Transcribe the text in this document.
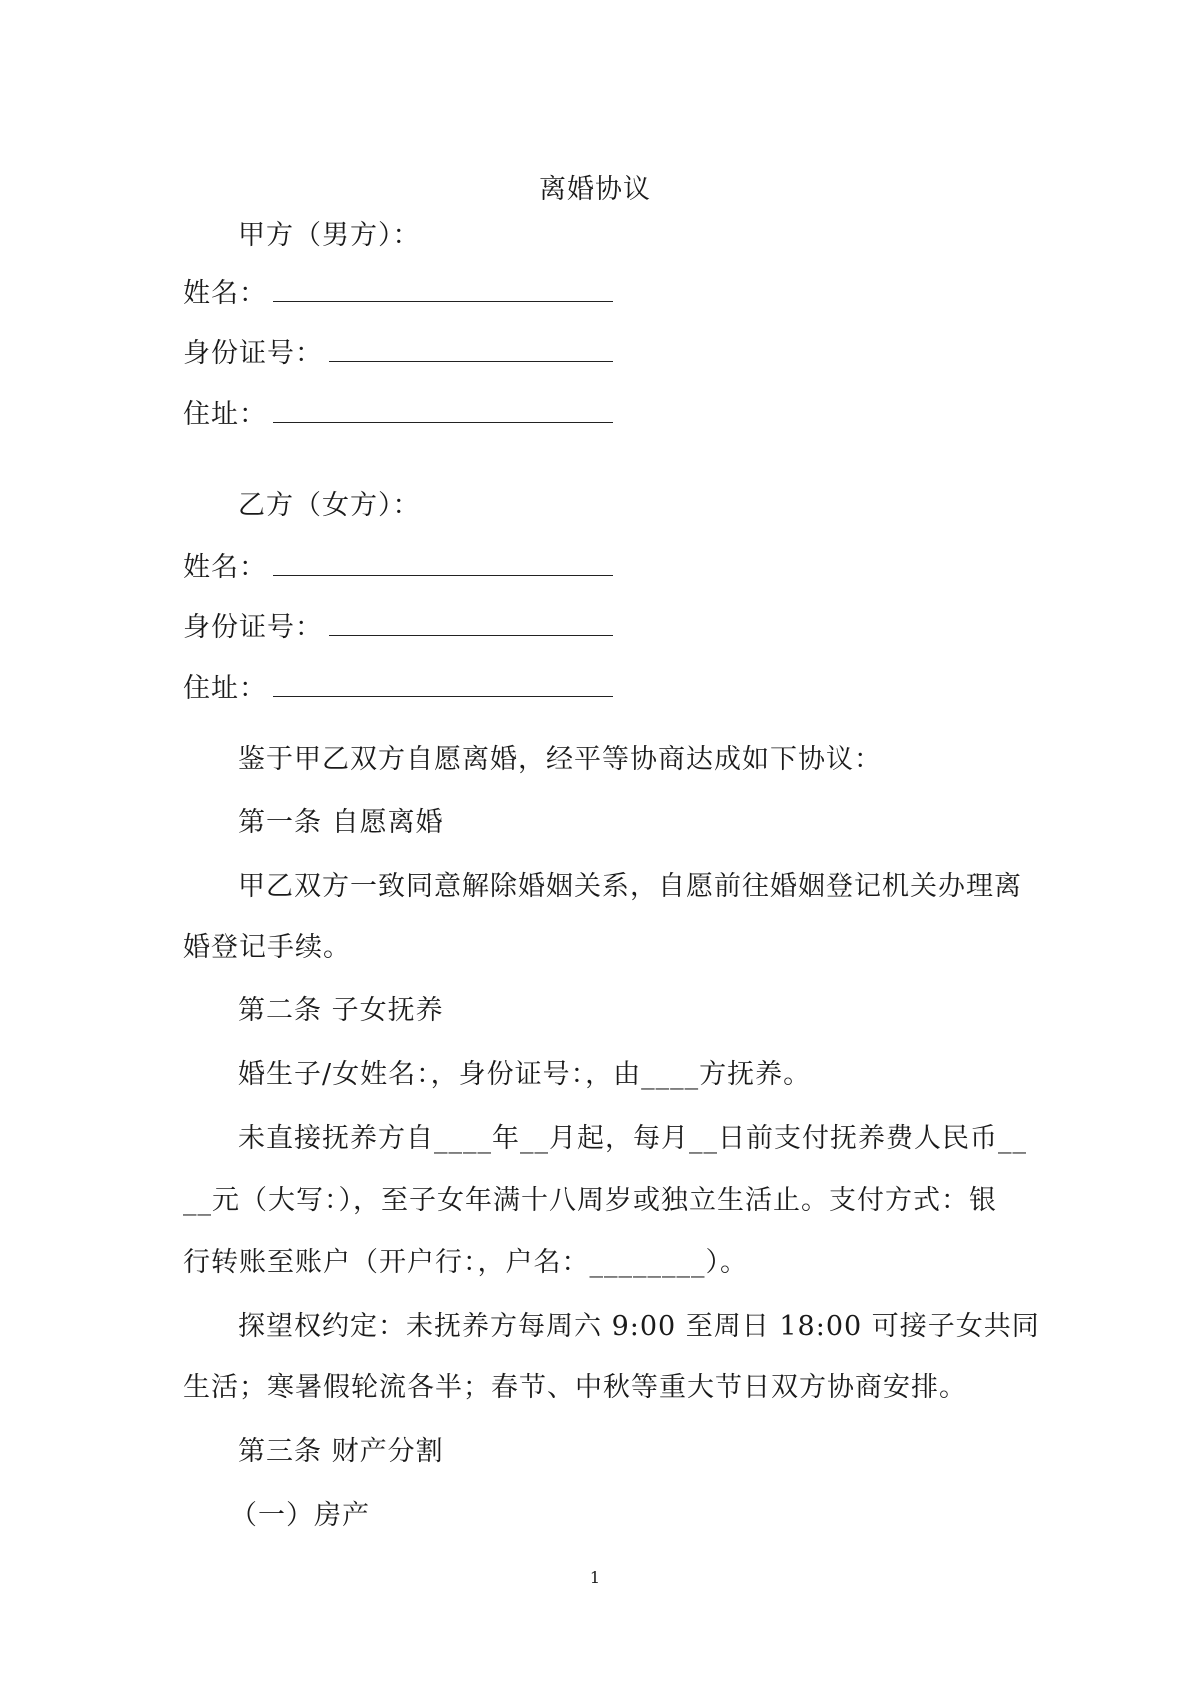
离婚协议
甲方（男方）：
姓名：
身份证号：
住址：
乙方（女方）：
姓名：
身份证号：
住址：
鉴于甲乙双方自愿离婚，经平等协商达成如下协议：
第一条 自愿离婚
甲乙双方一致同意解除婚姻关系，自愿前往婚姻登记机关办理离
婚登记手续。
第二条 子女抚养
婚生子/女姓名：，身份证号：，由____方抚养。
未直接抚养方自____年__月起，每月__日前支付抚养费人民币__
__元（大写：），至子女年满十八周岁或独立生活止。支付方式：银
行转账至账户（开户行：，户名：________）。
探望权约定：未抚养方每周六 9:00 至周日 18:00 可接子女共同
生活；寒暑假轮流各半；春节、中秋等重大节日双方协商安排。
第三条 财产分割
（一）房产
1
